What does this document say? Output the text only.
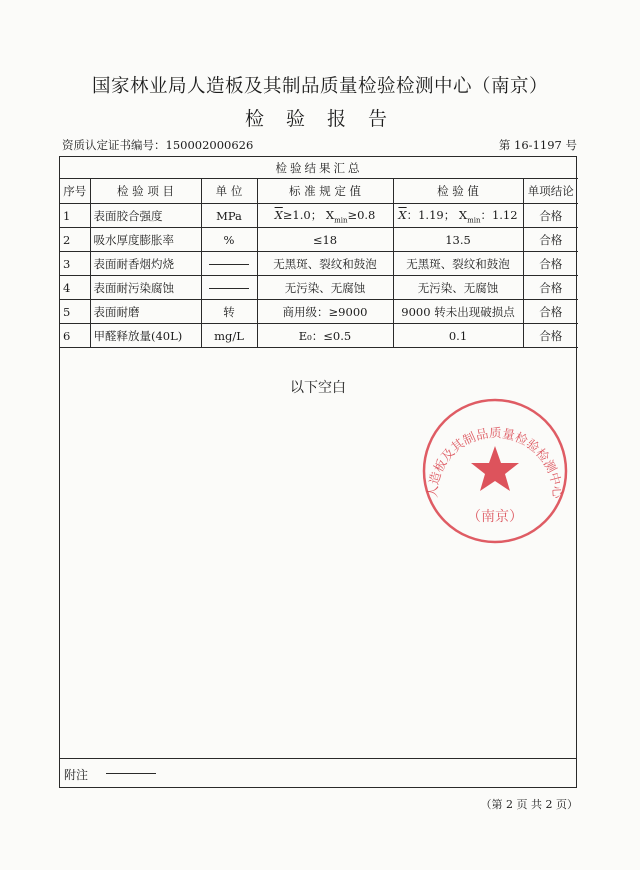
国家林业局人造板及其制品质量检验检测中心（南京）
检 验 报 告
资质认定证书编号：150002000626	第 16-1197 号
检验结果汇总					
序号	检 验 项 目	单 位	标 准 规 定 值	检 验 值	单项结论
1	表面胶合强度	MPa	$\overline{X}\ge 1.0$； $X_{min}\ge 0.8$	$\overline{X}$：1.19； $X_{min}$：1.12	合格
2	吸水厚度膨胀率	%	≤18	13.5	合格
3	表面耐香烟灼烧		无黑斑、裂纹和鼓泡	无黑斑、裂纹和鼓泡	合格
4	表面耐污染腐蚀		无污染、无腐蚀	无污染、无腐蚀	合格
5	表面耐磨	转	商用级：≥9000	9000 转未出现破损点	合格
6	甲醛释放量(40L)	mg/L	E₀：≤0.5	0.1	合格
以下空白
附注
（第 2 页 共 2 页）
人造板及其制品质量检验检测中心
（南京）
